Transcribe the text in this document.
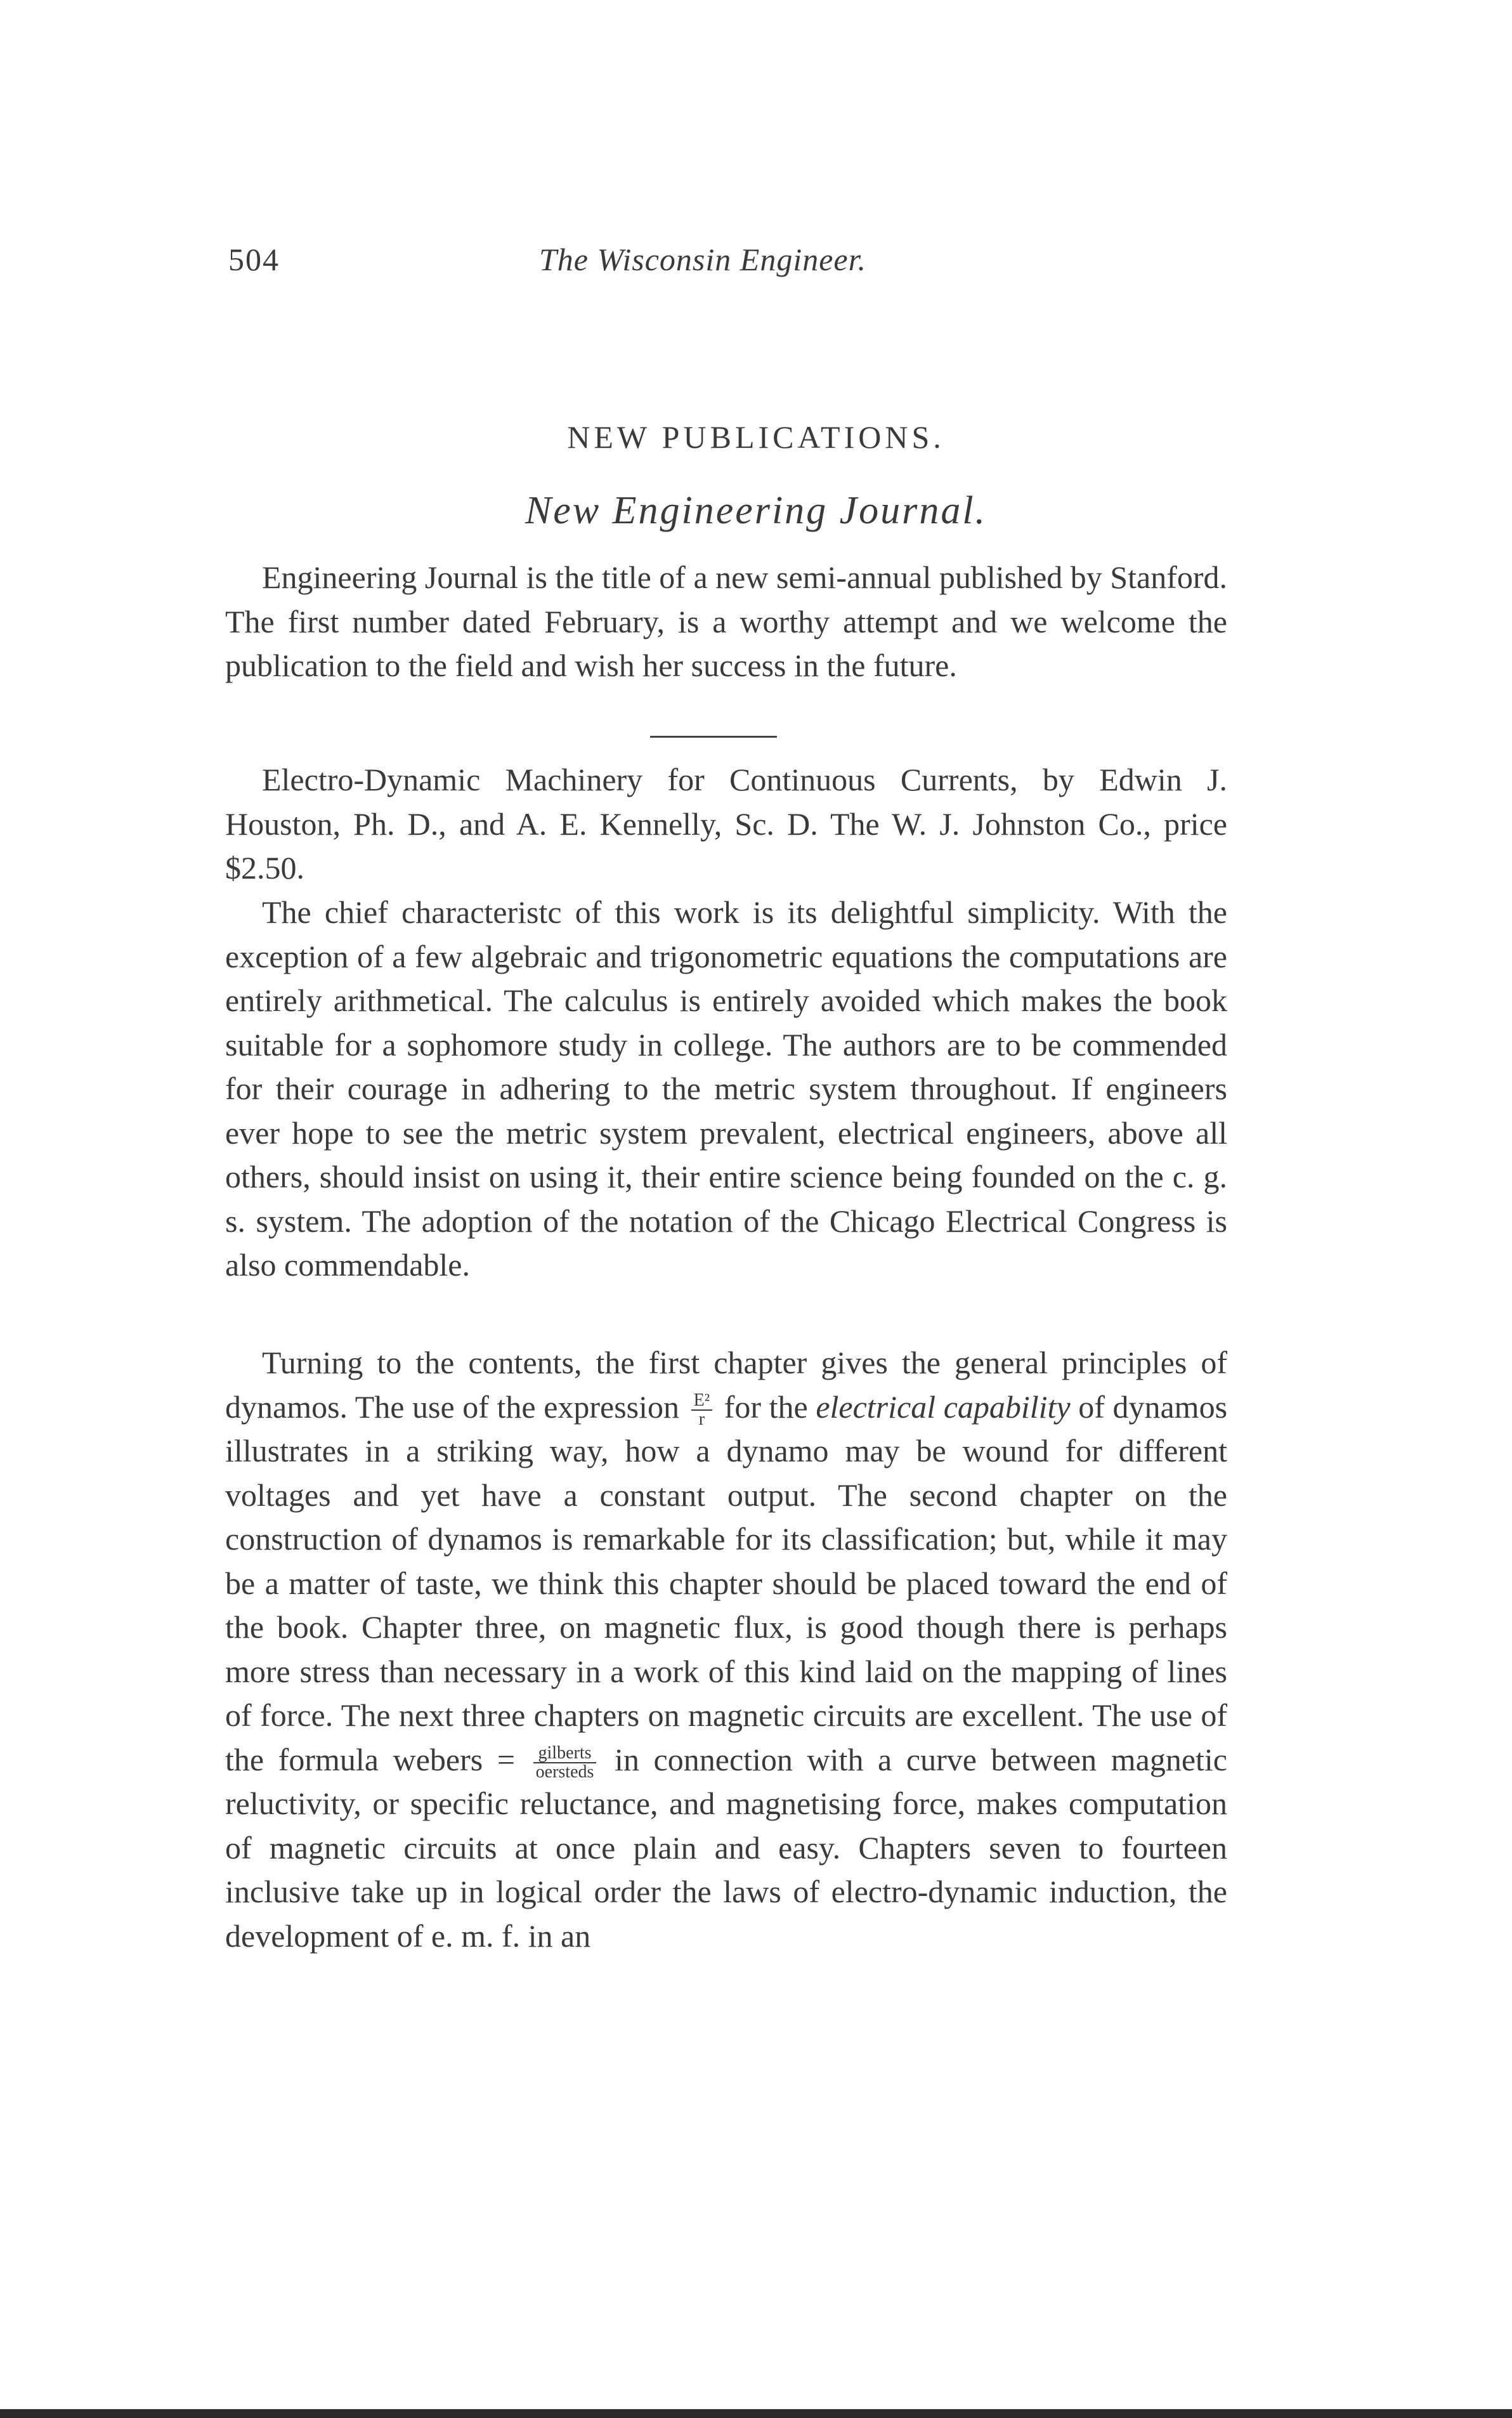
504	The Wisconsin Engineer.
NEW PUBLICATIONS.
New Engineering Journal.

Engineering Journal is the title of a new semi-annual published by Stanford. The first number dated February, is a worthy attempt and we welcome the publication to the field and wish her success in the future.

Electro-Dynamic Machinery for Continuous Currents, by Edwin J. Houston, Ph. D., and A. E. Kennelly, Sc. D. The W. J. Johnston Co., price $2.50.

The chief characteristc of this work is its delightful simplicity. With the exception of a few algebraic and trigonometric equations the computations are entirely arithmetical. The calculus is entirely avoided which makes the book suitable for a sophomore study in college. The authors are to be commended for their courage in adhering to the metric system throughout. If engineers ever hope to see the metric system prevalent, electrical engineers, above all others, should insist on using it, their entire science being founded on the c. g. s. system. The adoption of the notation of the Chicago Electrical Congress is also commendable.

Turning to the contents, the first chapter gives the general principles of dynamos. The use of the expression $\frac{\text{E²}}{r}$ for the electrical capability of dynamos illustrates in a striking way, how a dynamo may be wound for different voltages and yet have a constant output. The second chapter on the construction of dynamos is remarkable for its classification; but, while it may be a matter of taste, we think this chapter should be placed toward the end of the book. Chapter three, on magnetic flux, is good though there is perhaps more stress than necessary in a work of this kind laid on the mapping of lines of force. The next three chapters on magnetic circuits are excellent. The use of the formula webers = $\frac{\text{gilberts}}{\text{oersteds}}$ in connection with a curve between magnetic reluctivity, or specific reluctance, and magnetising force, makes computation of magnetic circuits at once plain and easy. Chapters seven to fourteen inclusive take up in logical order the laws of electro-dynamic induction, the development of e. m. f. in an
